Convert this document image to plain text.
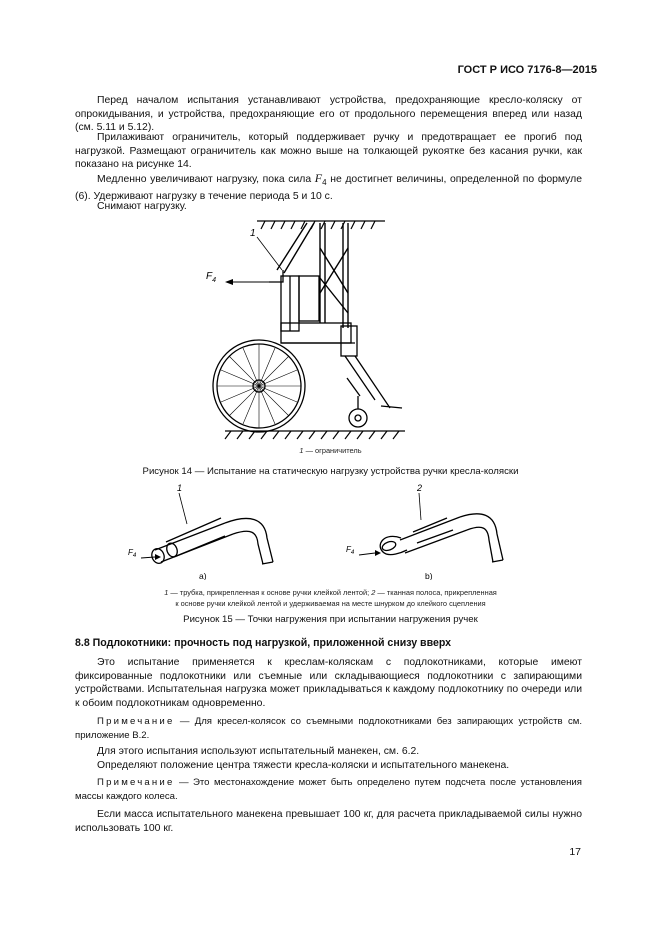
ГОСТ Р ИСО 7176-8—2015

Перед началом испытания устанавливают устройства, предохраняющие кресло-коляску от опрокидывания, и устройства, предохраняющие его от продольного перемещения вперед или назад (см. 5.11 и 5.12).

Прилаживают ограничитель, который поддерживает ручку и предотвращает ее прогиб под нагрузкой. Размещают ограничитель как можно выше на толкающей рукоятке без касания ручки, как показано на рисунке 14.

Медленно увеличивают нагрузку, пока сила $F_4$ не достигнет величины, определенной по формуле (6). Удерживают нагрузку в течение периода 5 и 10 с.

Снимают нагрузку.

1
$F_4$
1 — ограничитель
Рисунок 14 — Испытание на статическую нагрузку устройства ручки кресла-коляски
1
$F_4$
a)
2
$F_4$
b)
1 — трубка, прикрепленная к основе ручки клейкой лентой; 2 — тканная полоса, прикрепленная
к основе ручки клейкой лентой и удерживаемая на месте шнурком до клейкого сцепления
Рисунок 15 — Точки нагружения при испытании нагружения ручек
8.8 Подлокотники: прочность под нагрузкой, приложенной снизу вверх

Это испытание применяется к креслам-коляскам с подлокотниками, которые имеют фиксированные подлокотники или съемные или складывающиеся подлокотники с запирающими устройствами. Испытательная нагрузка может прикладываться к каждому подлокотнику по очереди или к обоим подлокотникам одновременно.

Примечание — Для кресел-колясок со съемными подлокотниками без запирающих устройств см. приложение В.2.

Для этого испытания используют испытательный манекен, см. 6.2.

Определяют положение центра тяжести кресла-коляски и испытательного манекена.

Примечание — Это местонахождение может быть определено путем подсчета после установления массы каждого колеса.

Если масса испытательного манекена превышает 100 кг, для расчета прикладываемой силы нужно использовать 100 кг.

17
